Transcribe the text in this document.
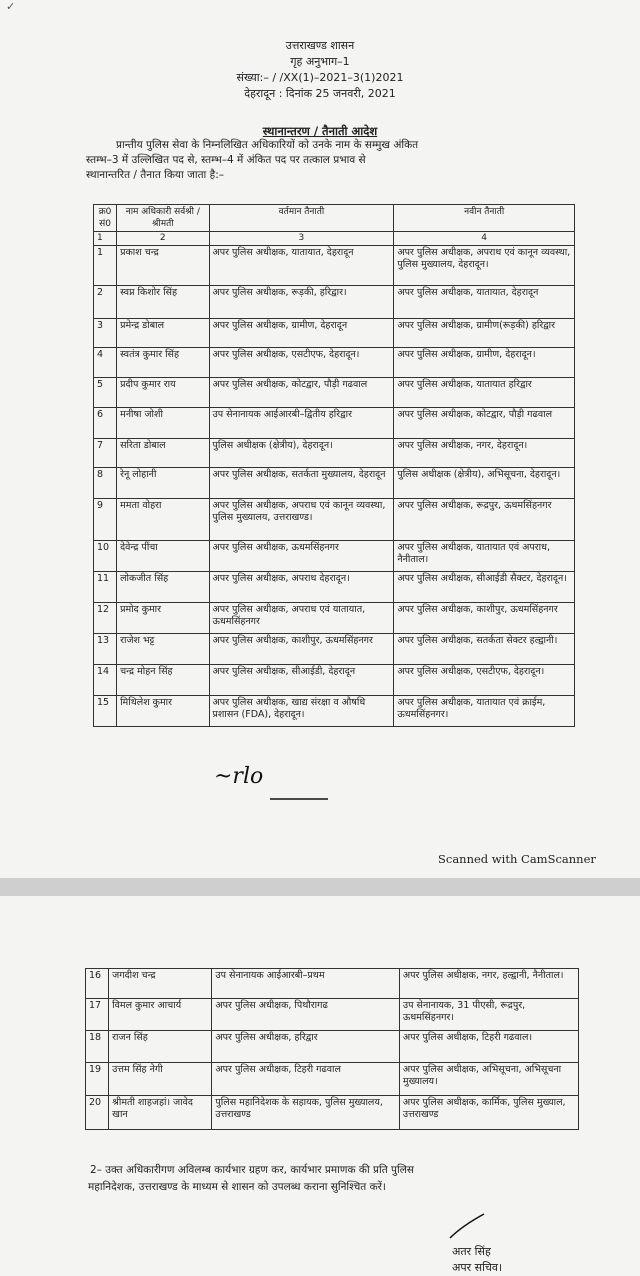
✓
उत्तराखण्ड शासन
गृह अनुभाग–1
संख्या:– / /XX(1)–2021–3(1)2021
देहरादून : दिनांक 25 जनवरी, 2021
स्थानान्तरण / तैनाती आदेश
प्रान्तीय पुलिस सेवा के निम्नलिखित अधिकारियों को उनके नाम के सम्मुख अंकित
स्तम्भ–3 में उल्लिखित पद से, स्तम्भ–4 में अंकित पद पर तत्काल प्रभाव से
स्थानान्तरित / तैनात किया जाता है:–
क्र0 सं0	नाम अधिकारी सर्वश्री / श्रीमती	वर्तमान तैनाती	नवीन तैनाती
1	2	3	4
1	प्रकाश चन्द्र	अपर पुलिस अधीक्षक, यातायात, देहरादून	अपर पुलिस अधीक्षक, अपराध एवं कानून व्यवस्था, पुलिस मुख्यालय, देहरादून।
2	स्वप्न किशोर सिंह	अपर पुलिस अधीक्षक, रूड़की, हरिद्वार।	अपर पुलिस अधीक्षक, यातायात, देहरादून
3	प्रमेन्द्र डोबाल	अपर पुलिस अधीक्षक, ग्रामीण, देहरादून	अपर पुलिस अधीक्षक, ग्रामीण(रूड़की) हरिद्वार
4	स्वतंत्र कुमार सिंह	अपर पुलिस अधीक्षक, एसटीएफ, देहरादून।	अपर पुलिस अधीक्षक, ग्रामीण, देहरादून।
5	प्रदीप कुमार राय	अपर पुलिस अधीक्षक, कोटद्वार, पौड़ी गढवाल	अपर पुलिस अधीक्षक, यातायात हरिद्वार
6	मनीषा जोशी	उप सेनानायक आईआरबी–द्वितीय हरिद्वार	अपर पुलिस अधीक्षक, कोटद्वार, पौड़ी गढवाल
7	सरिता डोबाल	पुलिस अधीक्षक (क्षेत्रीय), देहरादून।	अपर पुलिस अधीक्षक, नगर, देहरादून।
8	रेनू लोहानी	अपर पुलिस अधीक्षक, सतर्कता मुख्यालय, देहरादून	पुलिस अधीक्षक (क्षेत्रीय), अभिसूचना, देहरादून।
9	ममता वोहरा	अपर पुलिस अधीक्षक, अपराध एवं कानून व्यवस्था, पुलिस मुख्यालय, उत्तराखण्ड।	अपर पुलिस अधीक्षक, रूद्रपुर, ऊधमसिंहनगर
10	देवेन्द्र पींचा	अपर पुलिस अधीक्षक, ऊधमसिंहनगर	अपर पुलिस अधीक्षक, यातायात एवं अपराध, नैनीताल।
11	लोकजीत सिंह	अपर पुलिस अधीक्षक, अपराध देहरादून।	अपर पुलिस अधीक्षक, सीआईडी सैक्टर, देहरादून।
12	प्रमोद कुमार	अपर पुलिस अधीक्षक, अपराध एवं यातायात, ऊधमसिंहनगर	अपर पुलिस अधीक्षक, काशीपुर, ऊधमसिंहनगर
13	राजेश भट्ट	अपर पुलिस अधीक्षक, काशीपुर, ऊधमसिंहनगर	अपर पुलिस अधीक्षक, सतर्कता सेक्टर हल्द्वानी।
14	चन्द्र मोहन सिंह	अपर पुलिस अधीक्षक, सीआईडी, देहरादून	अपर पुलिस अधीक्षक, एसटीएफ, देहरादून।
15	मिथिलेश कुमार	अपर पुलिस अधीक्षक, खाद्य संरक्षा व औषधि प्रशासन (FDA), देहरादून।	अपर पुलिस अधीक्षक, यातायात एवं क्राईम, ऊधमसिंहनगर।
~rlo
Scanned with CamScanner
16	जगदीश चन्द्र	उप सेनानायक आईआरबी–प्रथम	अपर पुलिस अधीक्षक, नगर, हल्द्वानी, नैनीताल।
17	विमल कुमार आचार्य	अपर पुलिस अधीक्षक, पिथौरागढ	उप सेनानायक, 31 पीएसी, रूद्रपुर, ऊधमसिंहनगर।
18	राजन सिंह	अपर पुलिस अधीक्षक, हरिद्वार	अपर पुलिस अधीक्षक, टिहरी गढवाल।
19	उत्तम सिंह नेगी	अपर पुलिस अधीक्षक, टिहरी गढवाल	अपर पुलिस अधीक्षक, अभिसूचना, अभिसूचना मुख्यालय।
20	श्रीमती शाहजहां। जावेद खान	पुलिस महानिदेशक के सहायक, पुलिस मुख्यालय, उत्तराखण्ड	अपर पुलिस अधीक्षक, कार्मिक, पुलिस मुख्याल, उत्तराखण्ड
2– उक्त अधिकारीगण अविलम्ब कार्यभार ग्रहण कर, कार्यभार प्रमाणक की प्रति पुलिस
महानिदेशक, उत्तराखण्ड के माध्यम से शासन को उपलब्ध कराना सुनिश्चित करें।
अतर सिंह
अपर सचिव।
